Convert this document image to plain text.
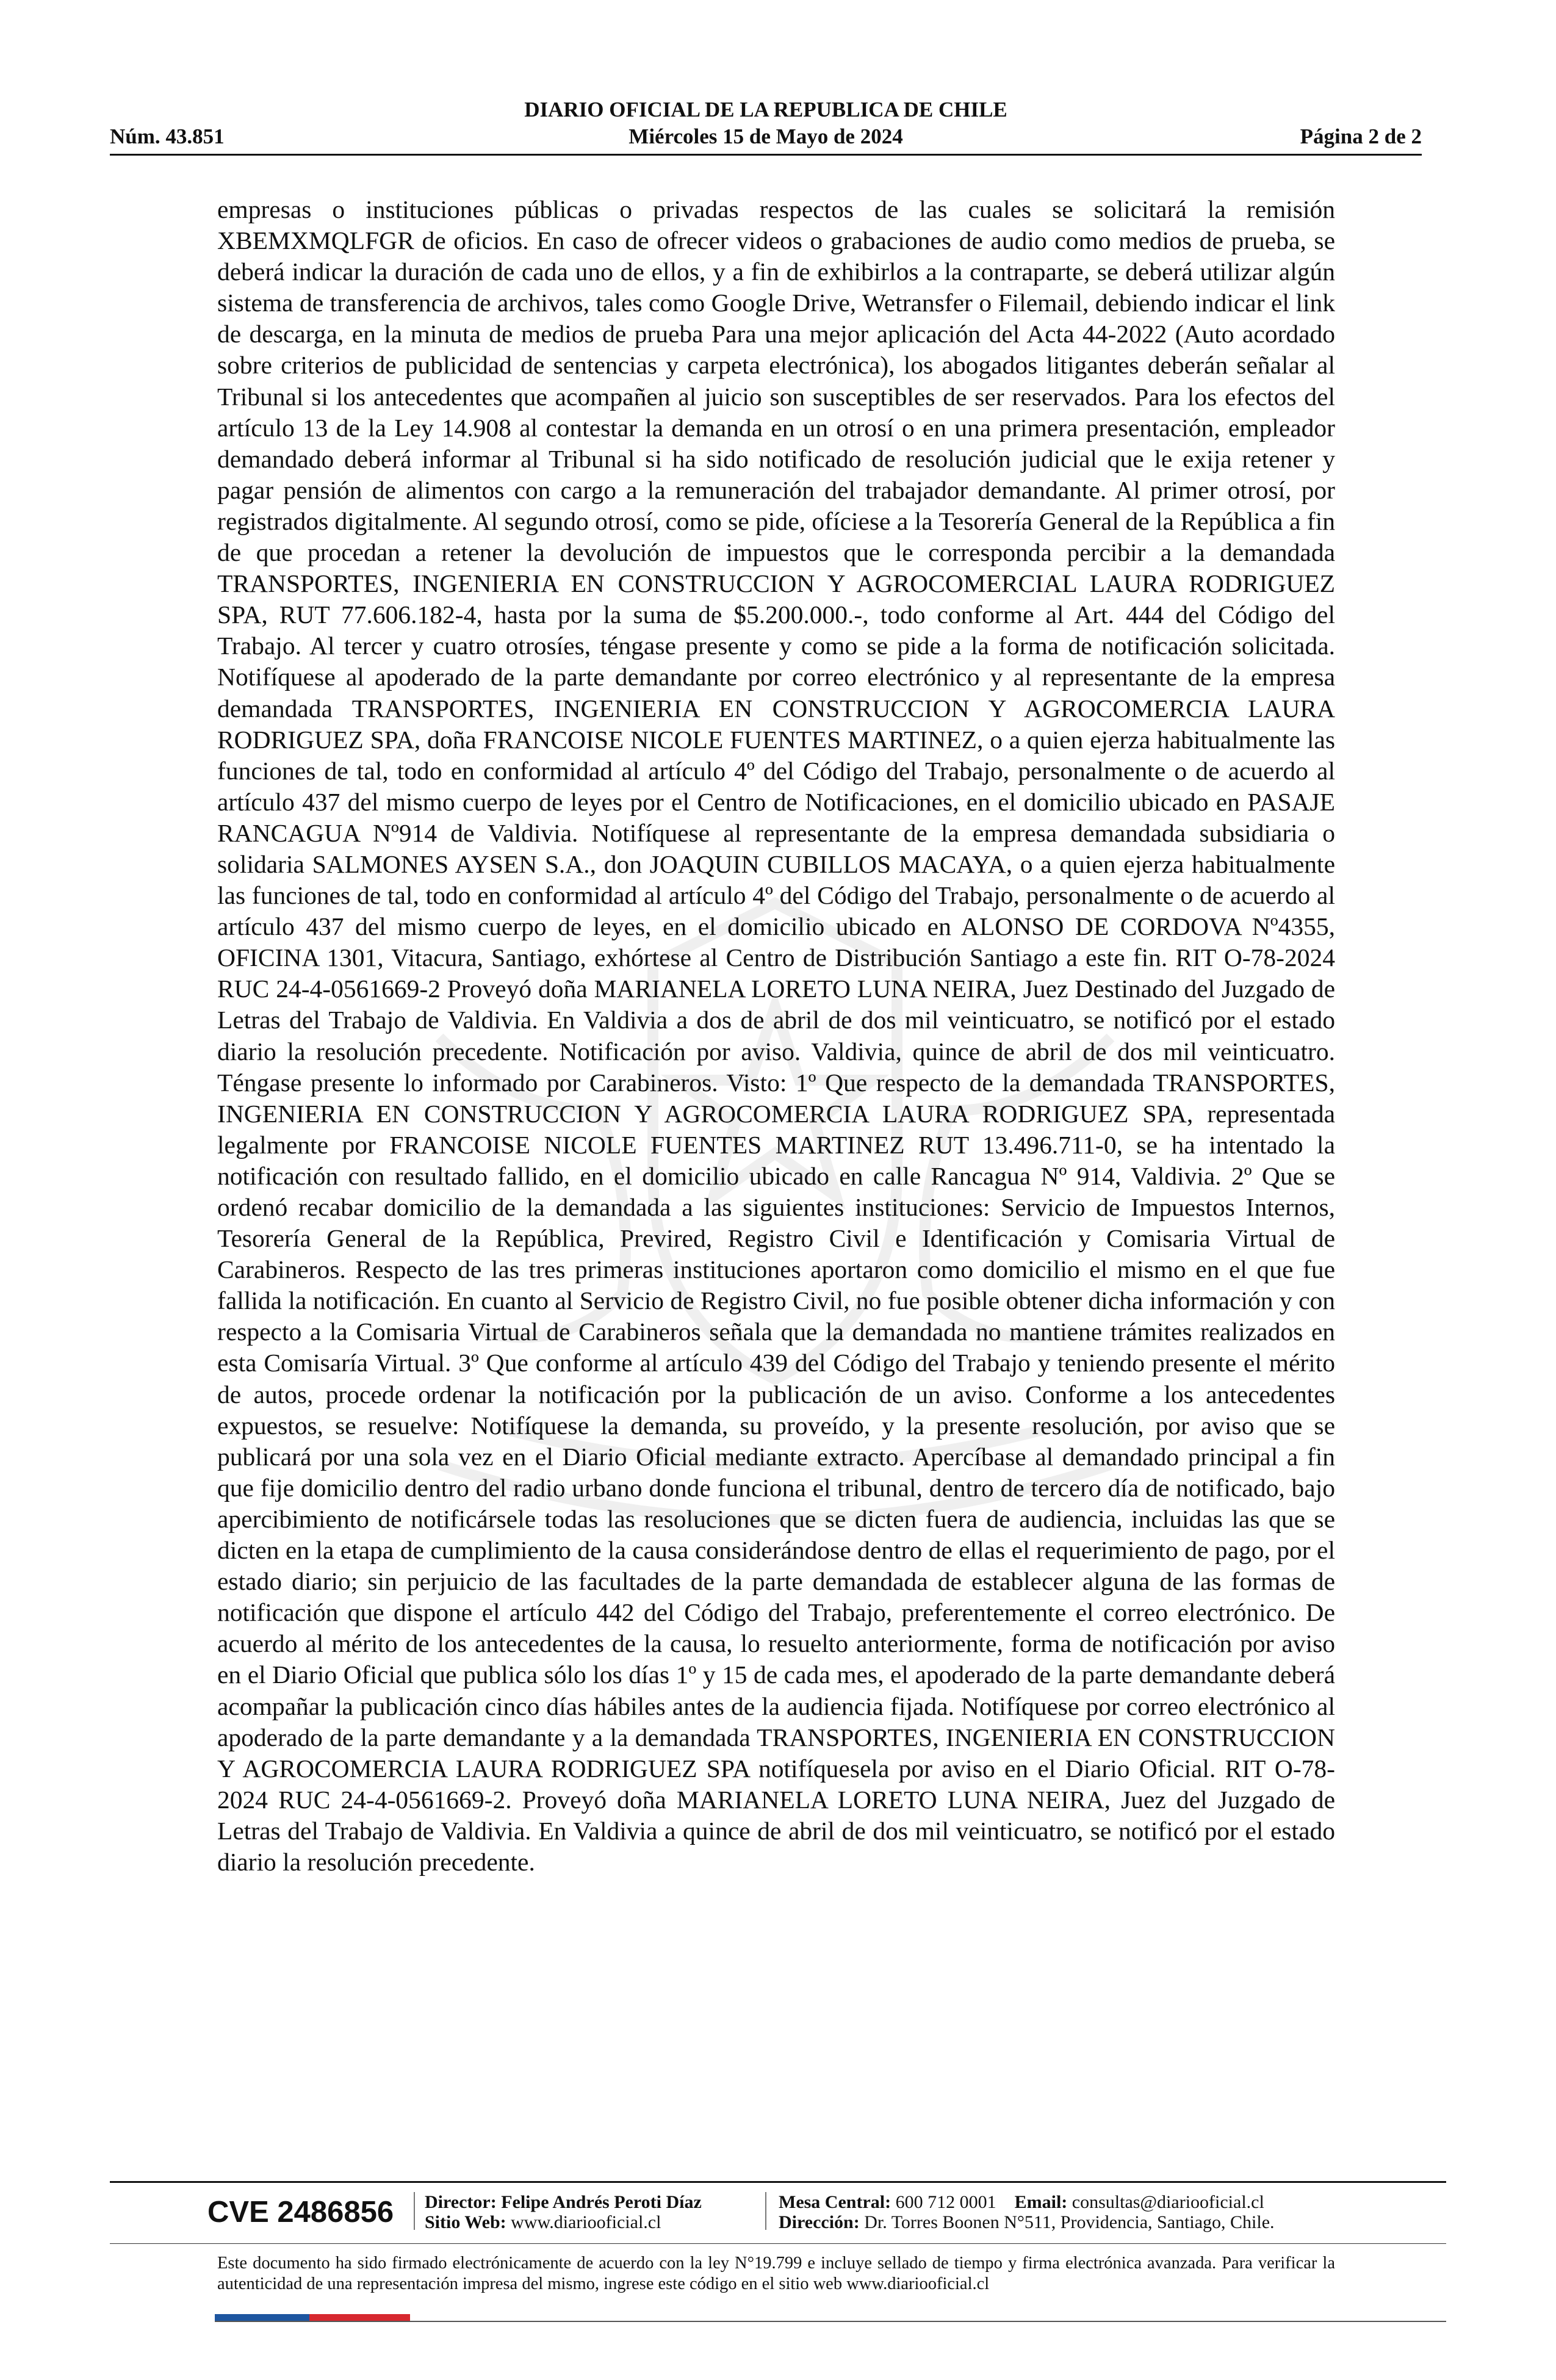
DIARIO OFICIAL DE LA REPUBLICA DE CHILE
Núm. 43.851	Miércoles 15 de Mayo de 2024	Página 2 de 2

empresas o instituciones públicas o privadas respectos de las cuales se solicitará la remisión XBEMXMQLFGR de oficios. En caso de ofrecer videos o grabaciones de audio como medios de prueba, se deberá indicar la duración de cada uno de ellos, y a fin de exhibirlos a la contraparte, se deberá utilizar algún sistema de transferencia de archivos, tales como Google Drive, Wetransfer o Filemail, debiendo indicar el link de descarga, en la minuta de medios de prueba Para una mejor aplicación del Acta 44-2022 (Auto acordado sobre criterios de publicidad de sentencias y carpeta electrónica), los abogados litigantes deberán señalar al Tribunal si los antecedentes que acompañen al juicio son susceptibles de ser reservados. Para los efectos del artículo 13 de la Ley 14.908 al contestar la demanda en un otrosí o en una primera presentación, empleador demandado deberá informar al Tribunal si ha sido notificado de resolución judicial que le exija retener y pagar pensión de alimentos con cargo a la remuneración del trabajador demandante. Al primer otrosí, por registrados digitalmente. Al segundo otrosí, como se pide, ofíciese a la Tesorería General de la República a fin de que procedan a retener la devolución de impuestos que le corresponda percibir a la demandada TRANSPORTES, INGENIERIA EN CONSTRUCCION Y AGROCOMERCIAL LAURA RODRIGUEZ SPA, RUT 77.606.182-4, hasta por la suma de $5.200.000.-, todo conforme al Art. 444 del Código del Trabajo. Al tercer y cuatro otrosíes, téngase presente y como se pide a la forma de notificación solicitada. Notifíquese al apoderado de la parte demandante por correo electrónico y al representante de la empresa demandada TRANSPORTES, INGENIERIA EN CONSTRUCCION Y AGROCOMERCIA LAURA RODRIGUEZ SPA, doña FRANCOISE NICOLE FUENTES MARTINEZ, o a quien ejerza habitualmente las funciones de tal, todo en conformidad al artículo 4º del Código del Trabajo, personalmente o de acuerdo al artículo 437 del mismo cuerpo de leyes por el Centro de Notificaciones, en el domicilio ubicado en PASAJE RANCAGUA Nº914 de Valdivia. Notifíquese al representante de la empresa demandada subsidiaria o solidaria SALMONES AYSEN S.A., don JOAQUIN CUBILLOS MACAYA, o a quien ejerza habitualmente las funciones de tal, todo en conformidad al artículo 4º del Código del Trabajo, personalmente o de acuerdo al artículo 437 del mismo cuerpo de leyes, en el domicilio ubicado en ALONSO DE CORDOVA Nº4355, OFICINA 1301, Vitacura, Santiago, exhórtese al Centro de Distribución Santiago a este fin. RIT O-78-2024 RUC 24-4-0561669-2 Proveyó doña MARIANELA LORETO LUNA NEIRA, Juez Destinado del Juzgado de Letras del Trabajo de Valdivia. En Valdivia a dos de abril de dos mil veinticuatro, se notificó por el estado diario la resolución precedente. Notificación por aviso. Valdivia, quince de abril de dos mil veinticuatro. Téngase presente lo informado por Carabineros. Visto: 1º Que respecto de la demandada TRANSPORTES, INGENIERIA EN CONSTRUCCION Y AGROCOMERCIA LAURA RODRIGUEZ SPA, representada legalmente por FRANCOISE NICOLE FUENTES MARTINEZ RUT 13.496.711-0, se ha intentado la notificación con resultado fallido, en el domicilio ubicado en calle Rancagua Nº 914, Valdivia. 2º Que se ordenó recabar domicilio de la demandada a las siguientes instituciones: Servicio de Impuestos Internos, Tesorería General de la República, Previred, Registro Civil e Identificación y Comisaria Virtual de Carabineros. Respecto de las tres primeras instituciones aportaron como domicilio el mismo en el que fue fallida la notificación. En cuanto al Servicio de Registro Civil, no fue posible obtener dicha información y con respecto a la Comisaria Virtual de Carabineros señala que la demandada no mantiene trámites realizados en esta Comisaría Virtual. 3º Que conforme al artículo 439 del Código del Trabajo y teniendo presente el mérito de autos, procede ordenar la notificación por la publicación de un aviso. Conforme a los antecedentes expuestos, se resuelve: Notifíquese la demanda, su proveído, y la presente resolución, por aviso que se publicará por una sola vez en el Diario Oficial mediante extracto. Apercíbase al demandado principal a fin que fije domicilio dentro del radio urbano donde funciona el tribunal, dentro de tercero día de notificado, bajo apercibimiento de notificársele todas las resoluciones que se dicten fuera de audiencia, incluidas las que se dicten en la etapa de cumplimiento de la causa considerándose dentro de ellas el requerimiento de pago, por el estado diario; sin perjuicio de las facultades de la parte demandada de establecer alguna de las formas de notificación que dispone el artículo 442 del Código del Trabajo, preferentemente el correo electrónico. De acuerdo al mérito de los antecedentes de la causa, lo resuelto anteriormente, forma de notificación por aviso en el Diario Oficial que publica sólo los días 1º y 15 de cada mes, el apoderado de la parte demandante deberá acompañar la publicación cinco días hábiles antes de la audiencia fijada. Notifíquese por correo electrónico al apoderado de la parte demandante y a la demandada TRANSPORTES, INGENIERIA EN CONSTRUCCION Y AGROCOMERCIA LAURA RODRIGUEZ SPA notifíquesela por aviso en el Diario Oficial. RIT O-78-2024 RUC 24-4-0561669-2. Proveyó doña MARIANELA LORETO LUNA NEIRA, Juez del Juzgado de Letras del Trabajo de Valdivia. En Valdivia a quince de abril de dos mil veinticuatro, se notificó por el estado diario la resolución precedente.

CVE 2486856	Director: Felipe Andrés Peroti Díaz
Sitio Web: www.diariooficial.cl
Mesa Central: 600 712 0001 Email: consultas@diariooficial.cl
Dirección: Dr. Torres Boonen N°511, Providencia, Santiago, Chile.

Este documento ha sido firmado electrónicamente de acuerdo con la ley N°19.799 e incluye sellado de tiempo y firma electrónica avanzada. Para verificar la autenticidad de una representación impresa del mismo, ingrese este código en el sitio web www.diariooficial.cl
